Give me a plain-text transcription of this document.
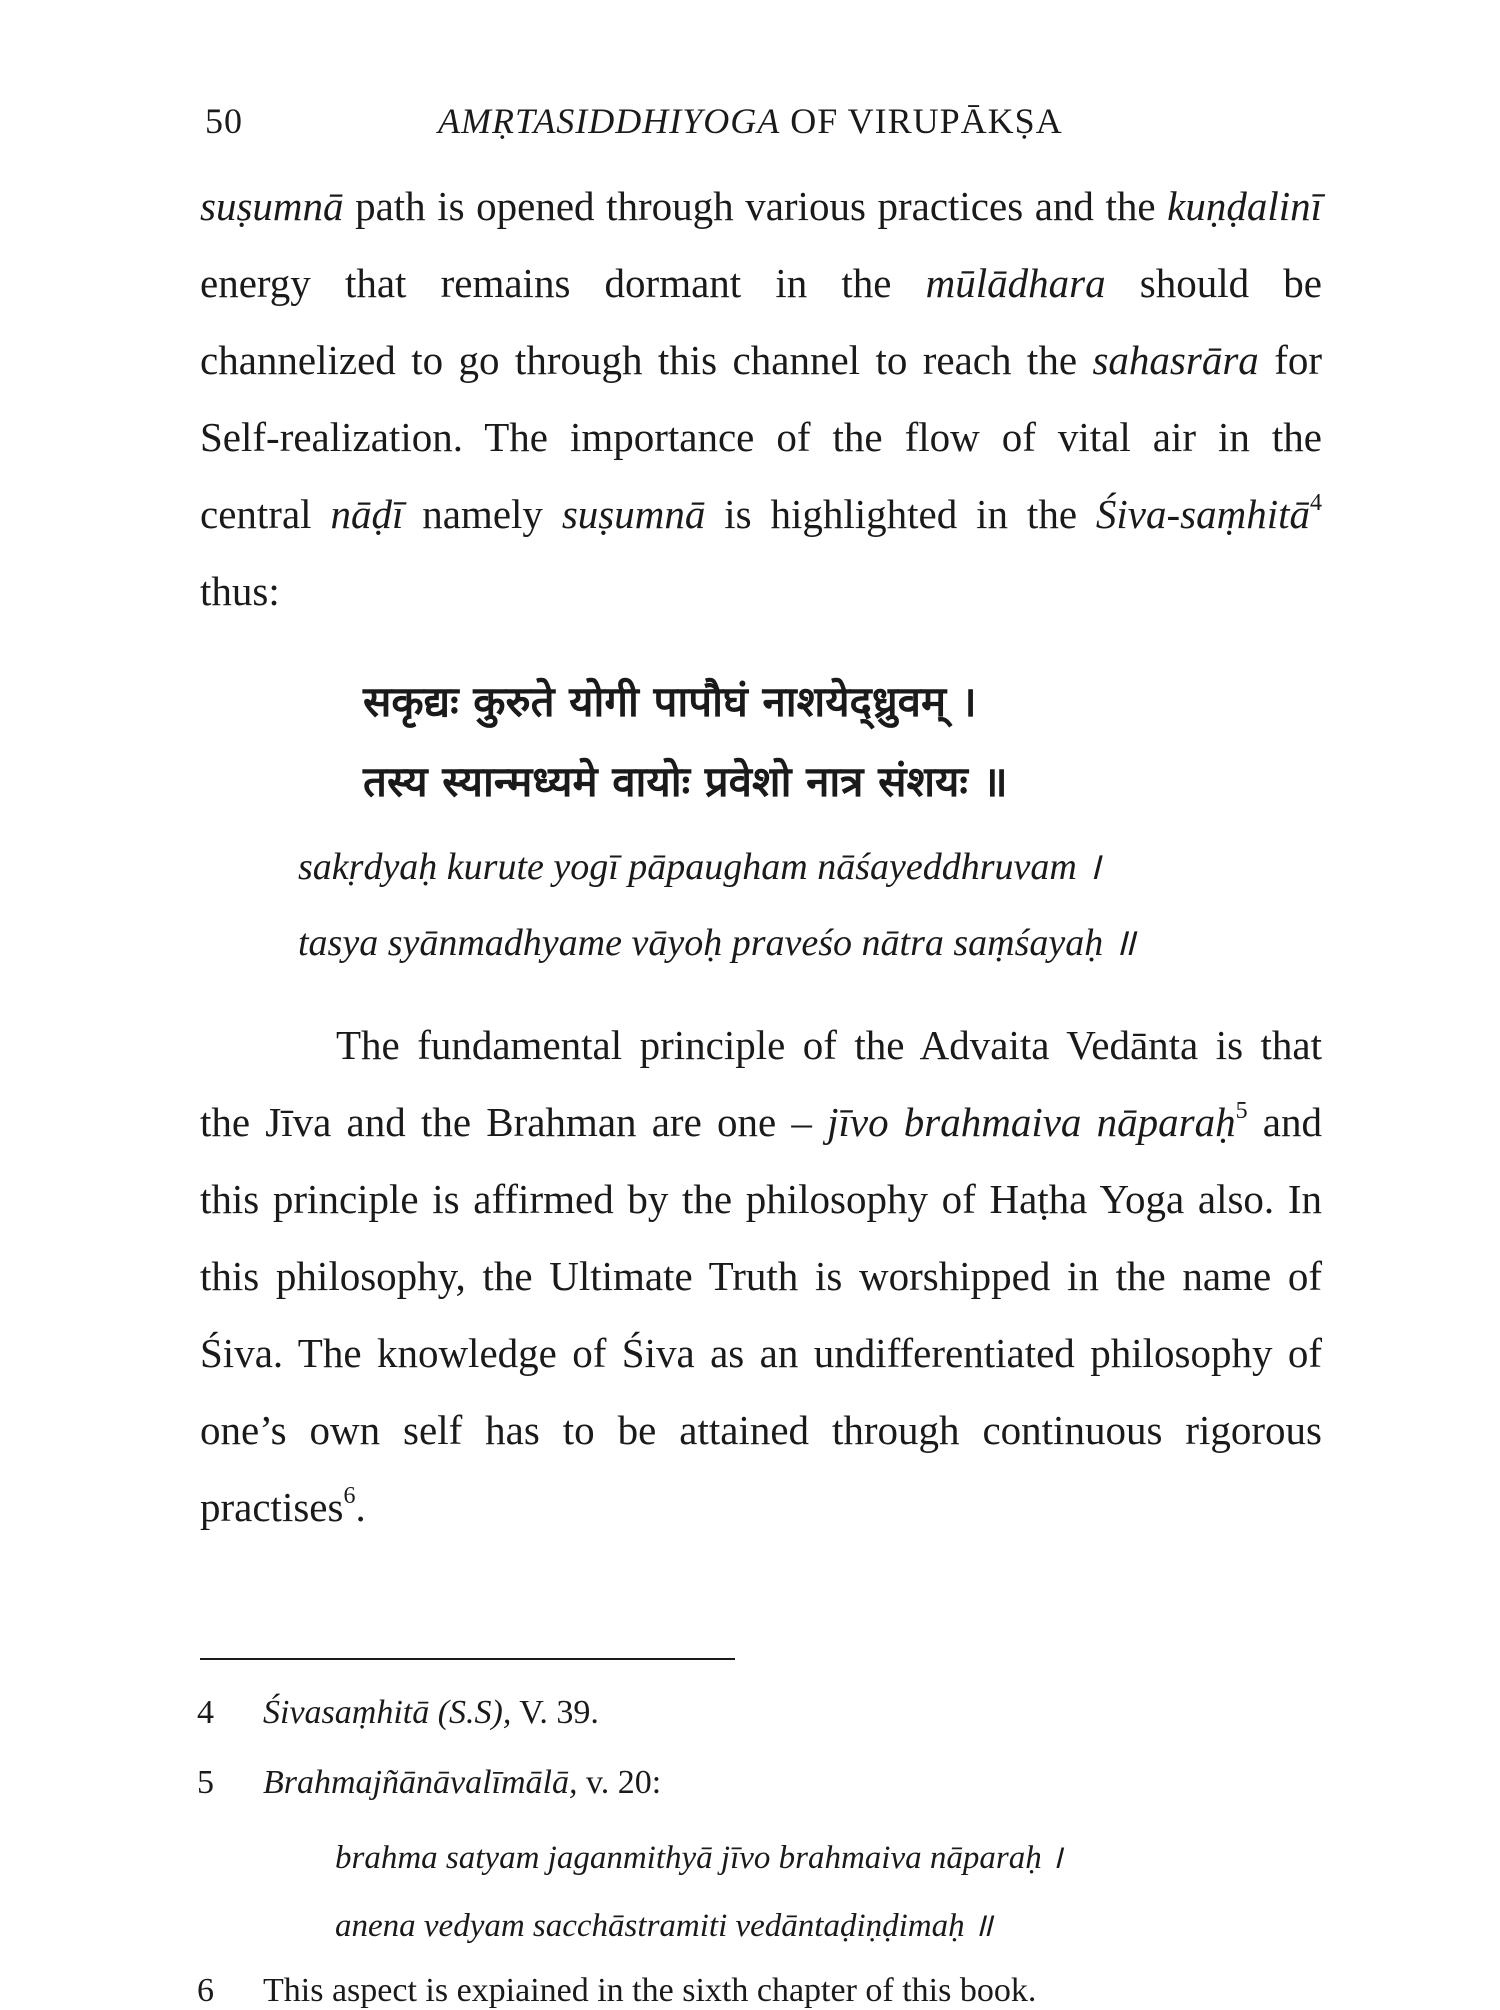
50	AMṚTASIDDHIYOGA OF VIRUPĀKṢA
suṣumnā path is opened through various practices and the kuṇḍalinī energy that remains dormant in the mūlādhara should be channelized to go through this channel to reach the sahasrāra for Self-realization. The importance of the flow of vital air in the central nāḍī namely suṣumnā is highlighted in the Śiva-saṃhitā$^4$ thus:
सकृद्यः कुरुते योगी पापौघं नाशयेद्ध्रुवम् ।
तस्य स्यान्मध्यमे वायोः प्रवेशो नात्र संशयः ॥
sakṛdyaḥ kurute yogī pāpaugham nāśayeddhruvam ।
tasya syānmadhyame vāyoḥ praveśo nātra saṃśayaḥ ॥
The fundamental principle of the Advaita Vedānta is that the Jīva and the Brahman are one – jīvo brahmaiva nāparaḥ$^5$ and this principle is affirmed by the philosophy of Haṭha Yoga also. In this philosophy, the Ultimate Truth is worshipped in the name of Śiva. The knowledge of Śiva as an undifferentiated philosophy of one’s own self has to be attained through continuous rigorous practises$^6$.
4 Śivasaṃhitā (S.S), V. 39.
5 Brahmajñānāvalīmālā, v. 20:
brahma satyam jaganmithyā jīvo brahmaiva nāparaḥ ।
anena vedyam sacchāstramiti vedāntaḍiṇḍimaḥ ॥
6 This aspect is expiained in the sixth chapter of this book.
